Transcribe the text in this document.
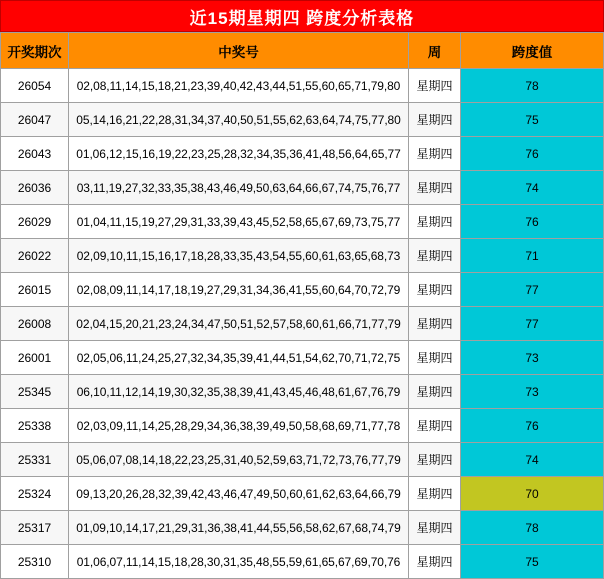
近15期星期四 跨度分析表格
开奖期次	中奖号	周	跨度值
26054	02,08,11,14,15,18,21,23,39,40,42,43,44,51,55,60,65,71,79,80	星期四	78
26047	05,14,16,21,22,28,31,34,37,40,50,51,55,62,63,64,74,75,77,80	星期四	75
26043	01,06,12,15,16,19,22,23,25,28,32,34,35,36,41,48,56,64,65,77	星期四	76
26036	03,11,19,27,32,33,35,38,43,46,49,50,63,64,66,67,74,75,76,77	星期四	74
26029	01,04,11,15,19,27,29,31,33,39,43,45,52,58,65,67,69,73,75,77	星期四	76
26022	02,09,10,11,15,16,17,18,28,33,35,43,54,55,60,61,63,65,68,73	星期四	71
26015	02,08,09,11,14,17,18,19,27,29,31,34,36,41,55,60,64,70,72,79	星期四	77
26008	02,04,15,20,21,23,24,34,47,50,51,52,57,58,60,61,66,71,77,79	星期四	77
26001	02,05,06,11,24,25,27,32,34,35,39,41,44,51,54,62,70,71,72,75	星期四	73
25345	06,10,11,12,14,19,30,32,35,38,39,41,43,45,46,48,61,67,76,79	星期四	73
25338	02,03,09,11,14,25,28,29,34,36,38,39,49,50,58,68,69,71,77,78	星期四	76
25331	05,06,07,08,14,18,22,23,25,31,40,52,59,63,71,72,73,76,77,79	星期四	74
25324	09,13,20,26,28,32,39,42,43,46,47,49,50,60,61,62,63,64,66,79	星期四	70
25317	01,09,10,14,17,21,29,31,36,38,41,44,55,56,58,62,67,68,74,79	星期四	78
25310	01,06,07,11,14,15,18,28,30,31,35,48,55,59,61,65,67,69,70,76	星期四	75
